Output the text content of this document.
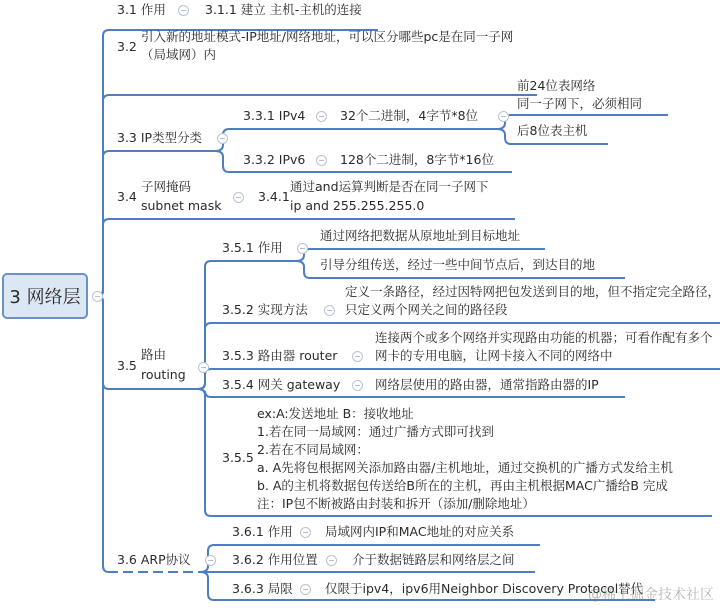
3 网络层	−
3.1 作用 − 3.1.1 建立 主机-主机的连接
3.2
引入新的地址模式-IP地址/网络地址，可以区分哪些pc是在同一子网（局域网）内
3.3 IP类型分类 −
3.3.1 IPv4 − 32个二进制，4字节*8位	−
前24位表网络
同一子网下，必须相同
后8位表主机
3.3.2 IPv6 − 128个二进制，8字节*16位
3.4
子网掩码
subnet mask
− 3.4.1
通过and运算判断是否在同一子网下
ip and 255.255.255.0
3.5
路由
routing −
3.5.1 作用 −
通过网络把数据从原地址到目标地址
引导分组传送，经过一些中间节点后，到达目的地
3.5.2 实现方法 −
定义一条路径，经过因特网把包发送到目的地，但不指定完全路径，只定义两个网关之间的路径段
3.5.3 路由器 router −
连接两个或多个网络并实现路由功能的机器；可看作配有多个网卡的专用电脑，让网卡接入不同的网络中
3.5.4 网关 gateway − 网络层使用的路由器，通常指路由器的IP
3.5.5
ex:A:发送地址 B：接收地址
1.若在同一局域网：通过广播方式即可找到
2.若在不同局域网：
a. A先将包根据网关添加路由器/主机地址，通过交换机的广播方式发给主机
b. A的主机将数据包传送给B所在的主机，再由主机根据MAC广播给B 完成
注：IP包不断被路由封装和拆开（添加/删除地址）
3.6 ARP协议 −
3.6.1 作用 − 局域网内IP和MAC地址的对应关系
3.6.2 作用位置 − 介于数据链路层和网络层之间
3.6.3 局限 − 仅限于ipv4，ipv6用Neighbor Discovery Protocol替代
@稀土掘金技术社区
